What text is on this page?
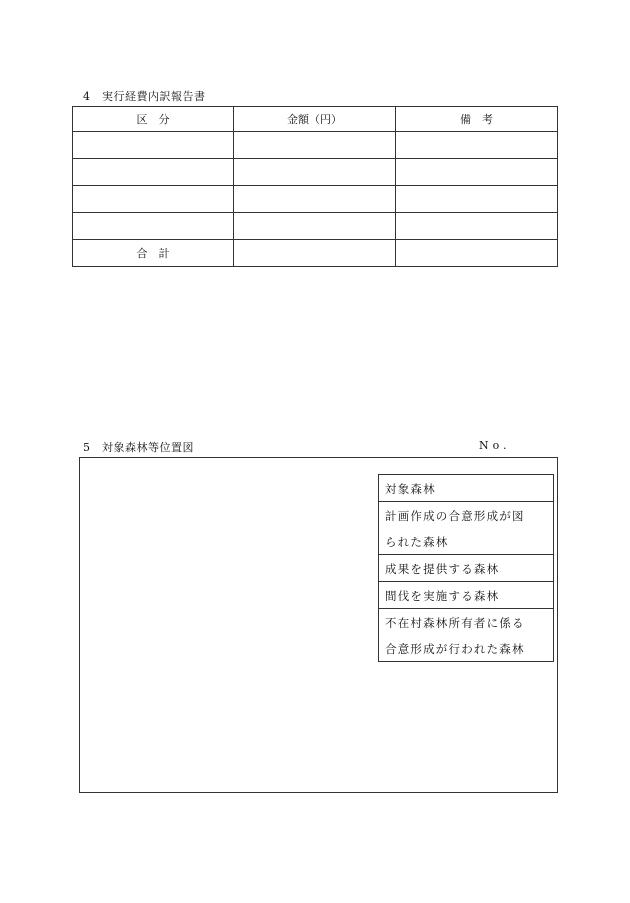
4　実行経費内訳報告書
区　分	金額（円）	備　考

合　計		
5　対象森林等位置図	No.
対象森林
計画作成の合意形成が図
られた森林
成果を提供する森林
間伐を実施する森林
不在村森林所有者に係る
合意形成が行われた森林
